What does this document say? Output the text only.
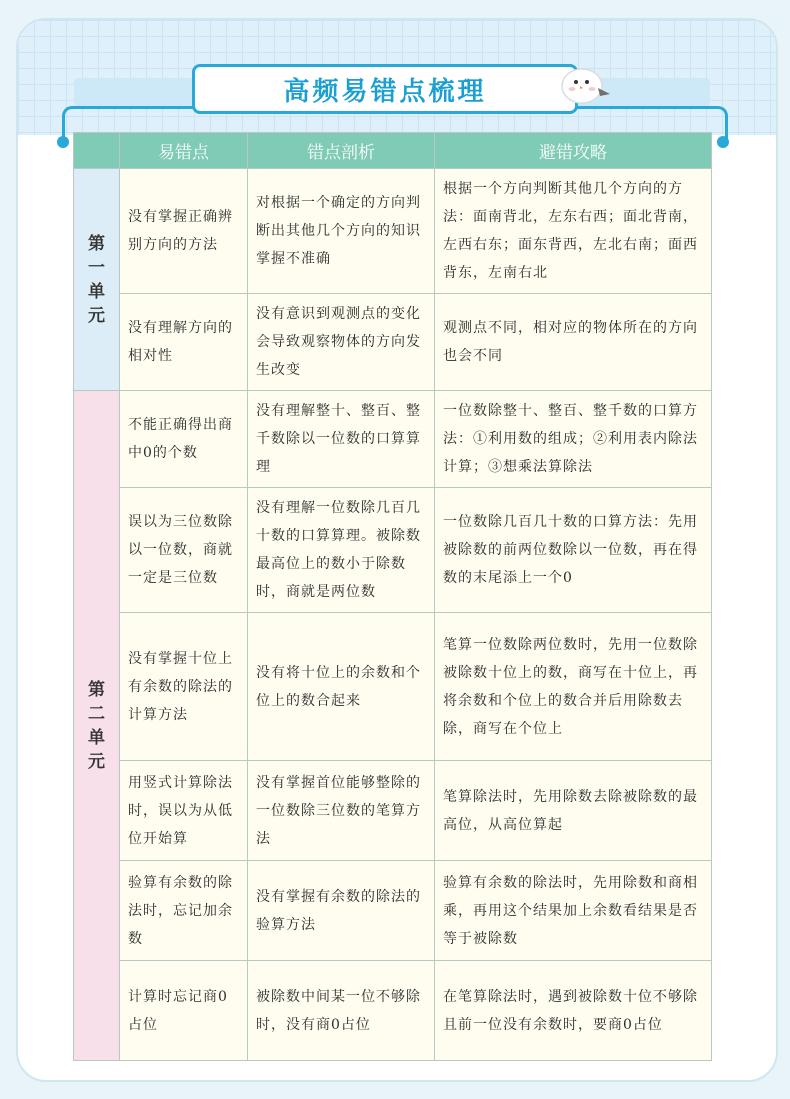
高频易错点梳理
	易错点	错点剖析	避错攻略

第一单元	没有掌握正确辨别方向的方法	对根据一个确定的方向判断出其他几个方向的知识掌握不准确	根据一个方向判断其他几个方向的方法：面南背北，左东右西；面北背南，左西右东；面东背西，左北右南；面西背东，左南右北
	没有理解方向的相对性	没有意识到观测点的变化会导致观察物体的方向发生改变	观测点不同，相对应的物体所在的方向也会不同

第二单元	不能正确得出商中0的个数	没有理解整十、整百、整千数除以一位数的口算算理	一位数除整十、整百、整千数的口算方法：①利用数的组成；②利用表内除法计算；③想乘法算除法
	误以为三位数除以一位数，商就一定是三位数	没有理解一位数除几百几十数的口算算理。被除数最高位上的数小于除数时，商就是两位数	一位数除几百几十数的口算方法：先用被除数的前两位数除以一位数，再在得数的末尾添上一个0
	没有掌握十位上有余数的除法的计算方法	没有将十位上的余数和个位上的数合起来	笔算一位数除两位数时，先用一位数除被除数十位上的数，商写在十位上，再将余数和个位上的数合并后用除数去除，商写在个位上
	用竖式计算除法时，误以为从低位开始算	没有掌握首位能够整除的一位数除三位数的笔算方法	笔算除法时，先用除数去除被除数的最高位，从高位算起
	验算有余数的除法时，忘记加余数	没有掌握有余数的除法的验算方法	验算有余数的除法时，先用除数和商相乘，再用这个结果加上余数看结果是否等于被除数
	计算时忘记商0占位	被除数中间某一位不够除时，没有商0占位	在笔算除法时，遇到被除数十位不够除且前一位没有余数时，要商0占位
